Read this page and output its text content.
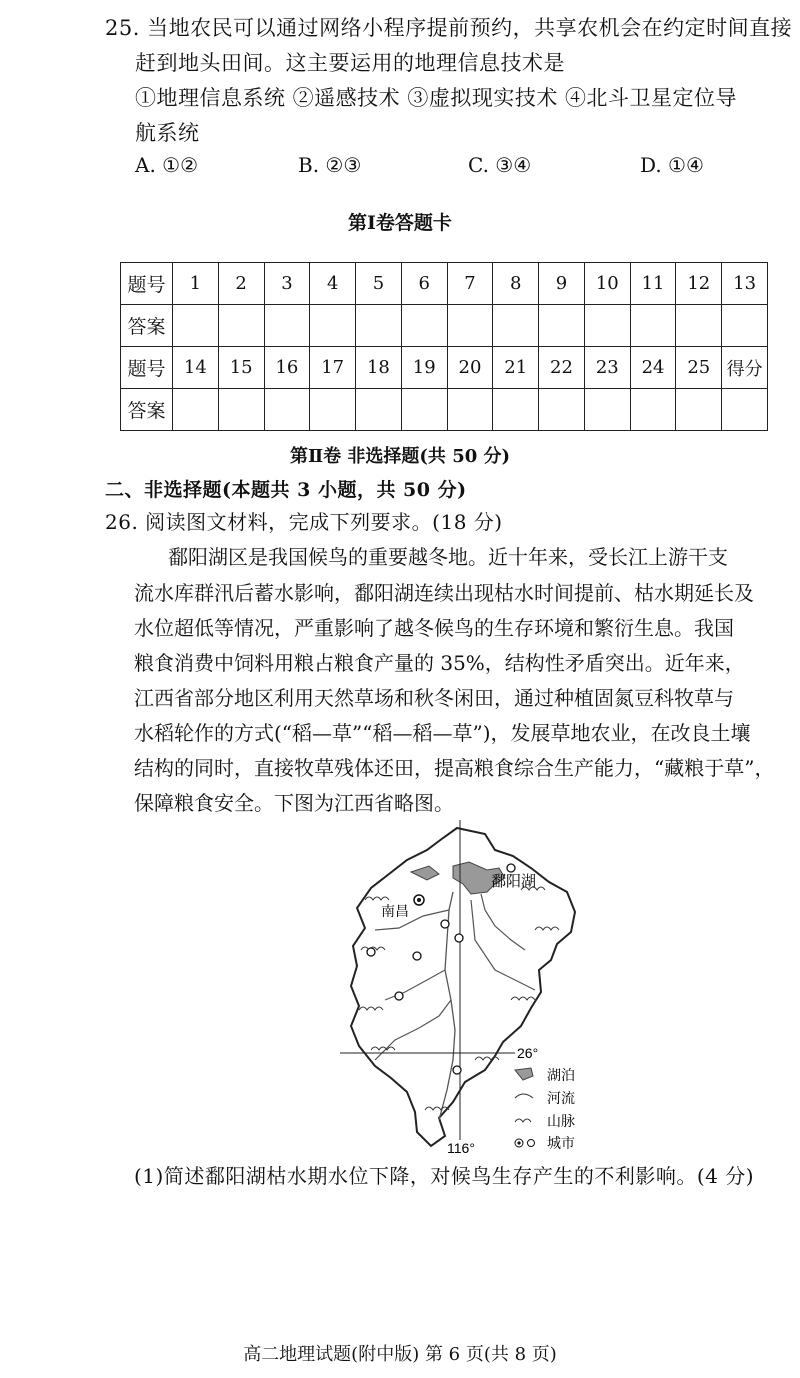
25. 当地农民可以通过网络小程序提前预约，共享农机会在约定时间直接
赶到地头田间。这主要运用的地理信息技术是
①地理信息系统 ②遥感技术 ③虚拟现实技术 ④北斗卫星定位导
航系统
A. ①②	B. ②③	C. ③④	D. ①④
第Ⅰ卷答题卡
题号	1	2	3	4	5	6	7	8	9	10	11	12	13
答案													
题号	14	15	16	17	18	19	20	21	22	23	24	25	得分
答案													
第Ⅱ卷 非选择题(共 50 分)
二、非选择题(本题共 3 小题，共 50 分)
26. 阅读图文材料，完成下列要求。(18 分)
鄱阳湖区是我国候鸟的重要越冬地。近十年来，受长江上游干支
流水库群汛后蓄水影响，鄱阳湖连续出现枯水时间提前、枯水期延长及
水位超低等情况，严重影响了越冬候鸟的生存环境和繁衍生息。我国
粮食消费中饲料用粮占粮食产量的 35%，结构性矛盾突出。近年来，
江西省部分地区利用天然草场和秋冬闲田，通过种植固氮豆科牧草与
水稻轮作的方式(“稻—草”“稻—稻—草”)，发展草地农业，在改良土壤
结构的同时，直接牧草残体还田，提高粮食综合生产能力，“藏粮于草”，
保障粮食安全。下图为江西省略图。
26°
116°
南昌
鄱阳湖
湖泊
河流
山脉
城市
(1)简述鄱阳湖枯水期水位下降，对候鸟生存产生的不利影响。(4 分)
高二地理试题(附中版) 第 6 页(共 8 页)
